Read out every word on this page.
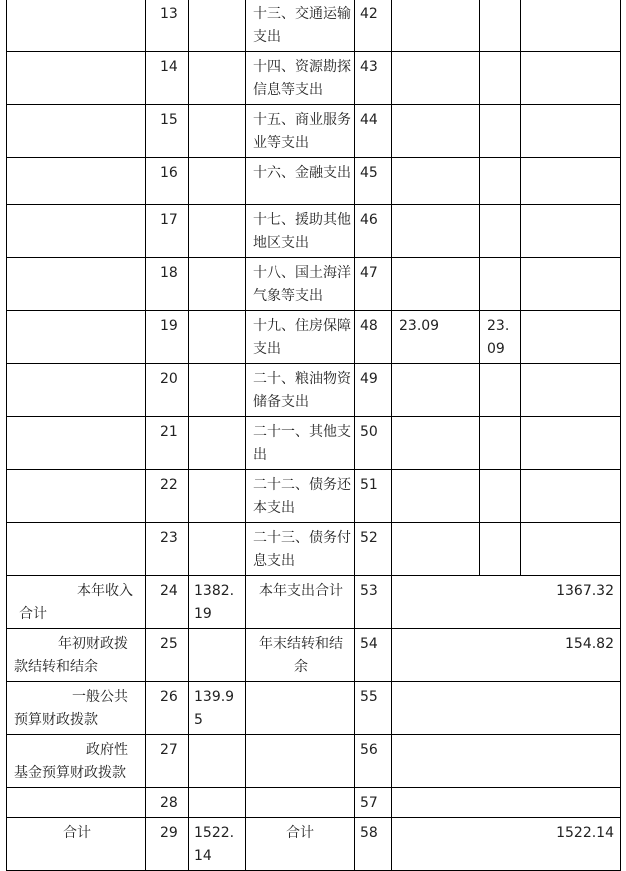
	13		十三、交通运输支出	42			
	14		十四、资源勘探信息等支出	43			
	15		十五、商业服务业等支出	44			
	16		十六、金融支出	45			
	17		十七、援助其他地区支出	46			
	18		十八、国土海洋气象等支出	47			
	19		十九、住房保障支出	48	23.09	23.09	
	20		二十、粮油物资储备支出	49			
	21		二十一、其他支出	50			
	22		二十二、债务还本支出	51			
	23		二十三、债务付息支出	52			
本年收入合计	24	1382.19	本年支出合计	53	1367.32		
年初财政拨款结转和结余	25		年末结转和结余	54	154.82		
一般公共预算财政拨款	26	139.95		55			
政府性基金预算财政拨款	27			56			
	28			57			
合计	29	1522.14	合计	58	1522.14		
